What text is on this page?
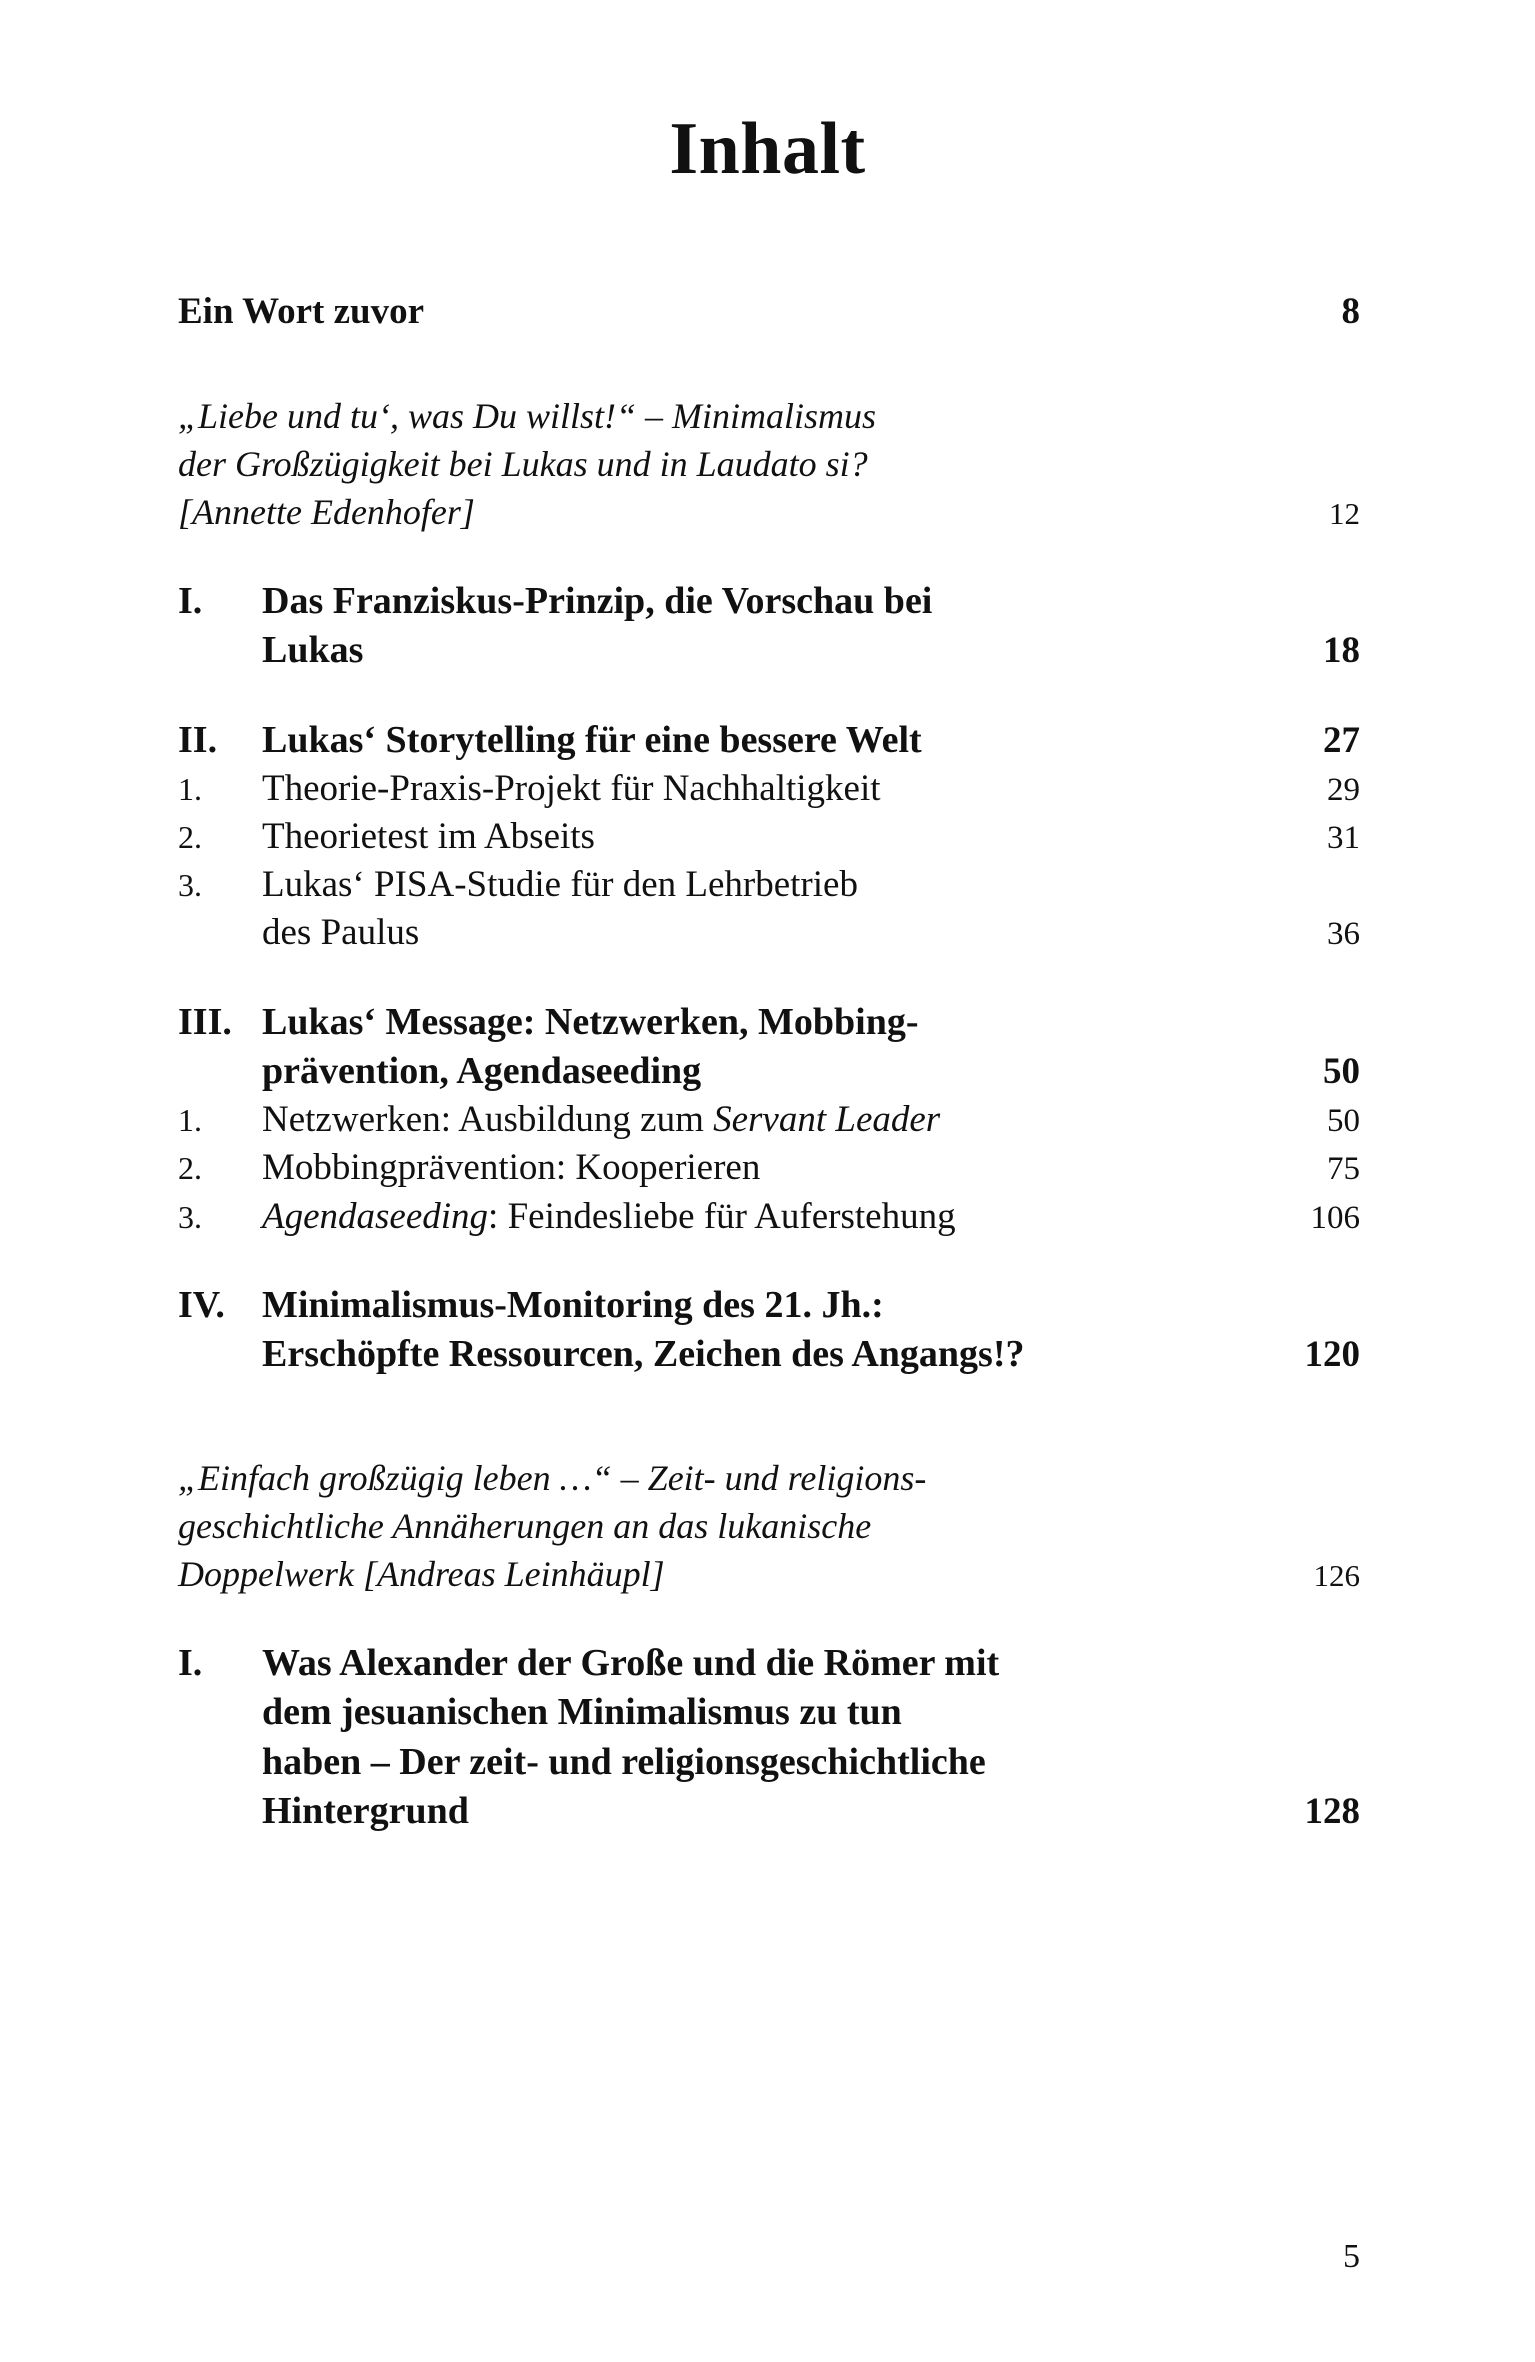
Inhalt
Ein Wort zuvor	8
„Liebe und tu‘, was Du willst!“ – Minimalismus
der Großzügigkeit bei Lukas und in Laudato si?
[Annette Edenhofer]	12
I.	Das Franziskus-Prinzip, die Vorschau bei
Lukas	18
II.	Lukas‘ Storytelling für eine bessere Welt	27
1.	Theorie-Praxis-Projekt für Nachhaltigkeit	29
2.	Theorietest im Abseits	31
3.	Lukas‘ PISA-Studie für den Lehrbetrieb
des Paulus	36
III. Lukas‘ Message: Netzwerken, Mobbing-
prävention, Agendaseeding	50
1.	Netzwerken: Ausbildung zum Servant Leader	50
2.	Mobbingprävention: Kooperieren	75
3.	Agendaseeding: Feindesliebe für Auferstehung	106
IV. Minimalismus-Monitoring des 21. Jh.:
Erschöpfte Ressourcen, Zeichen des Angangs!?	120
„Einfach großzügig leben …“ – Zeit- und religions-
geschichtliche Annäherungen an das lukanische
Doppelwerk [Andreas Leinhäupl]	126
I.	Was Alexander der Große und die Römer mit
dem jesuanischen Minimalismus zu tun
haben – Der zeit- und religionsgeschichtliche
Hintergrund	128
5
